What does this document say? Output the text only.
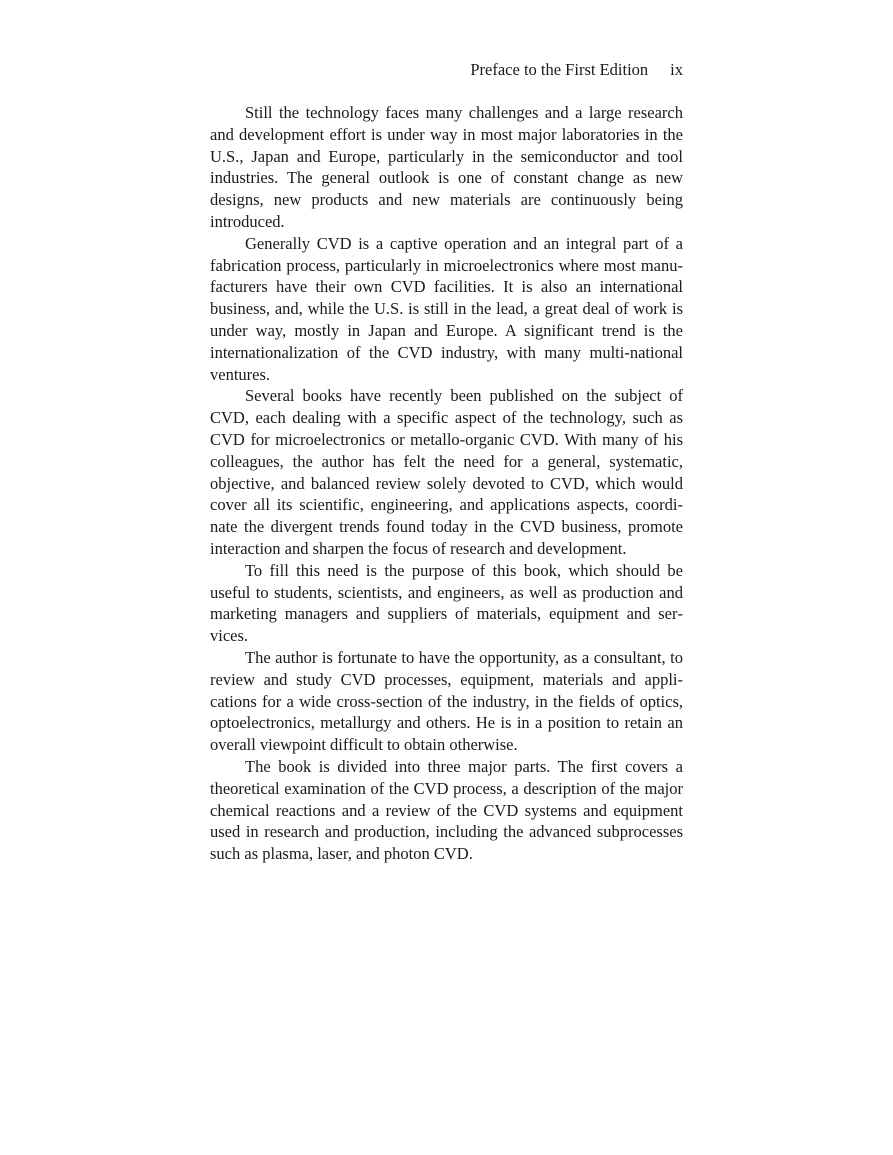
Preface to the First Edition ix

Still the technology faces many challenges and a large research and development effort is under way in most major laboratories in the U.S., Japan and Europe, particularly in the semiconductor and tool industries. The general outlook is one of constant change as new designs, new products and new materials are continuously being introduced.

Generally CVD is a captive operation and an integral part of a fabrication process, particularly in microelectronics where most manufacturers have their own CVD facilities. It is also an international business, and, while the U.S. is still in the lead, a great deal of work is under way, mostly in Japan and Europe. A significant trend is the internationalization of the CVD industry, with many multi-national ventures.

Several books have recently been published on the subject of CVD, each dealing with a specific aspect of the technology, such as CVD for microelectronics or metallo-organic CVD. With many of his colleagues, the author has felt the need for a general, systematic, objective, and balanced review solely devoted to CVD, which would cover all its scientific, engineering, and applications aspects, coordinate the divergent trends found today in the CVD business, promote interaction and sharpen the focus of research and development.

To fill this need is the purpose of this book, which should be useful to students, scientists, and engineers, as well as production and marketing managers and suppliers of materials, equipment and services.

The author is fortunate to have the opportunity, as a consultant, to review and study CVD processes, equipment, materials and applications for a wide cross-section of the industry, in the fields of optics, optoelectronics, metallurgy and others. He is in a position to retain an overall viewpoint difficult to obtain otherwise.

The book is divided into three major parts. The first covers a theoretical examination of the CVD process, a description of the major chemical reactions and a review of the CVD systems and equipment used in research and production, including the advanced subprocesses such as plasma, laser, and photon CVD.
